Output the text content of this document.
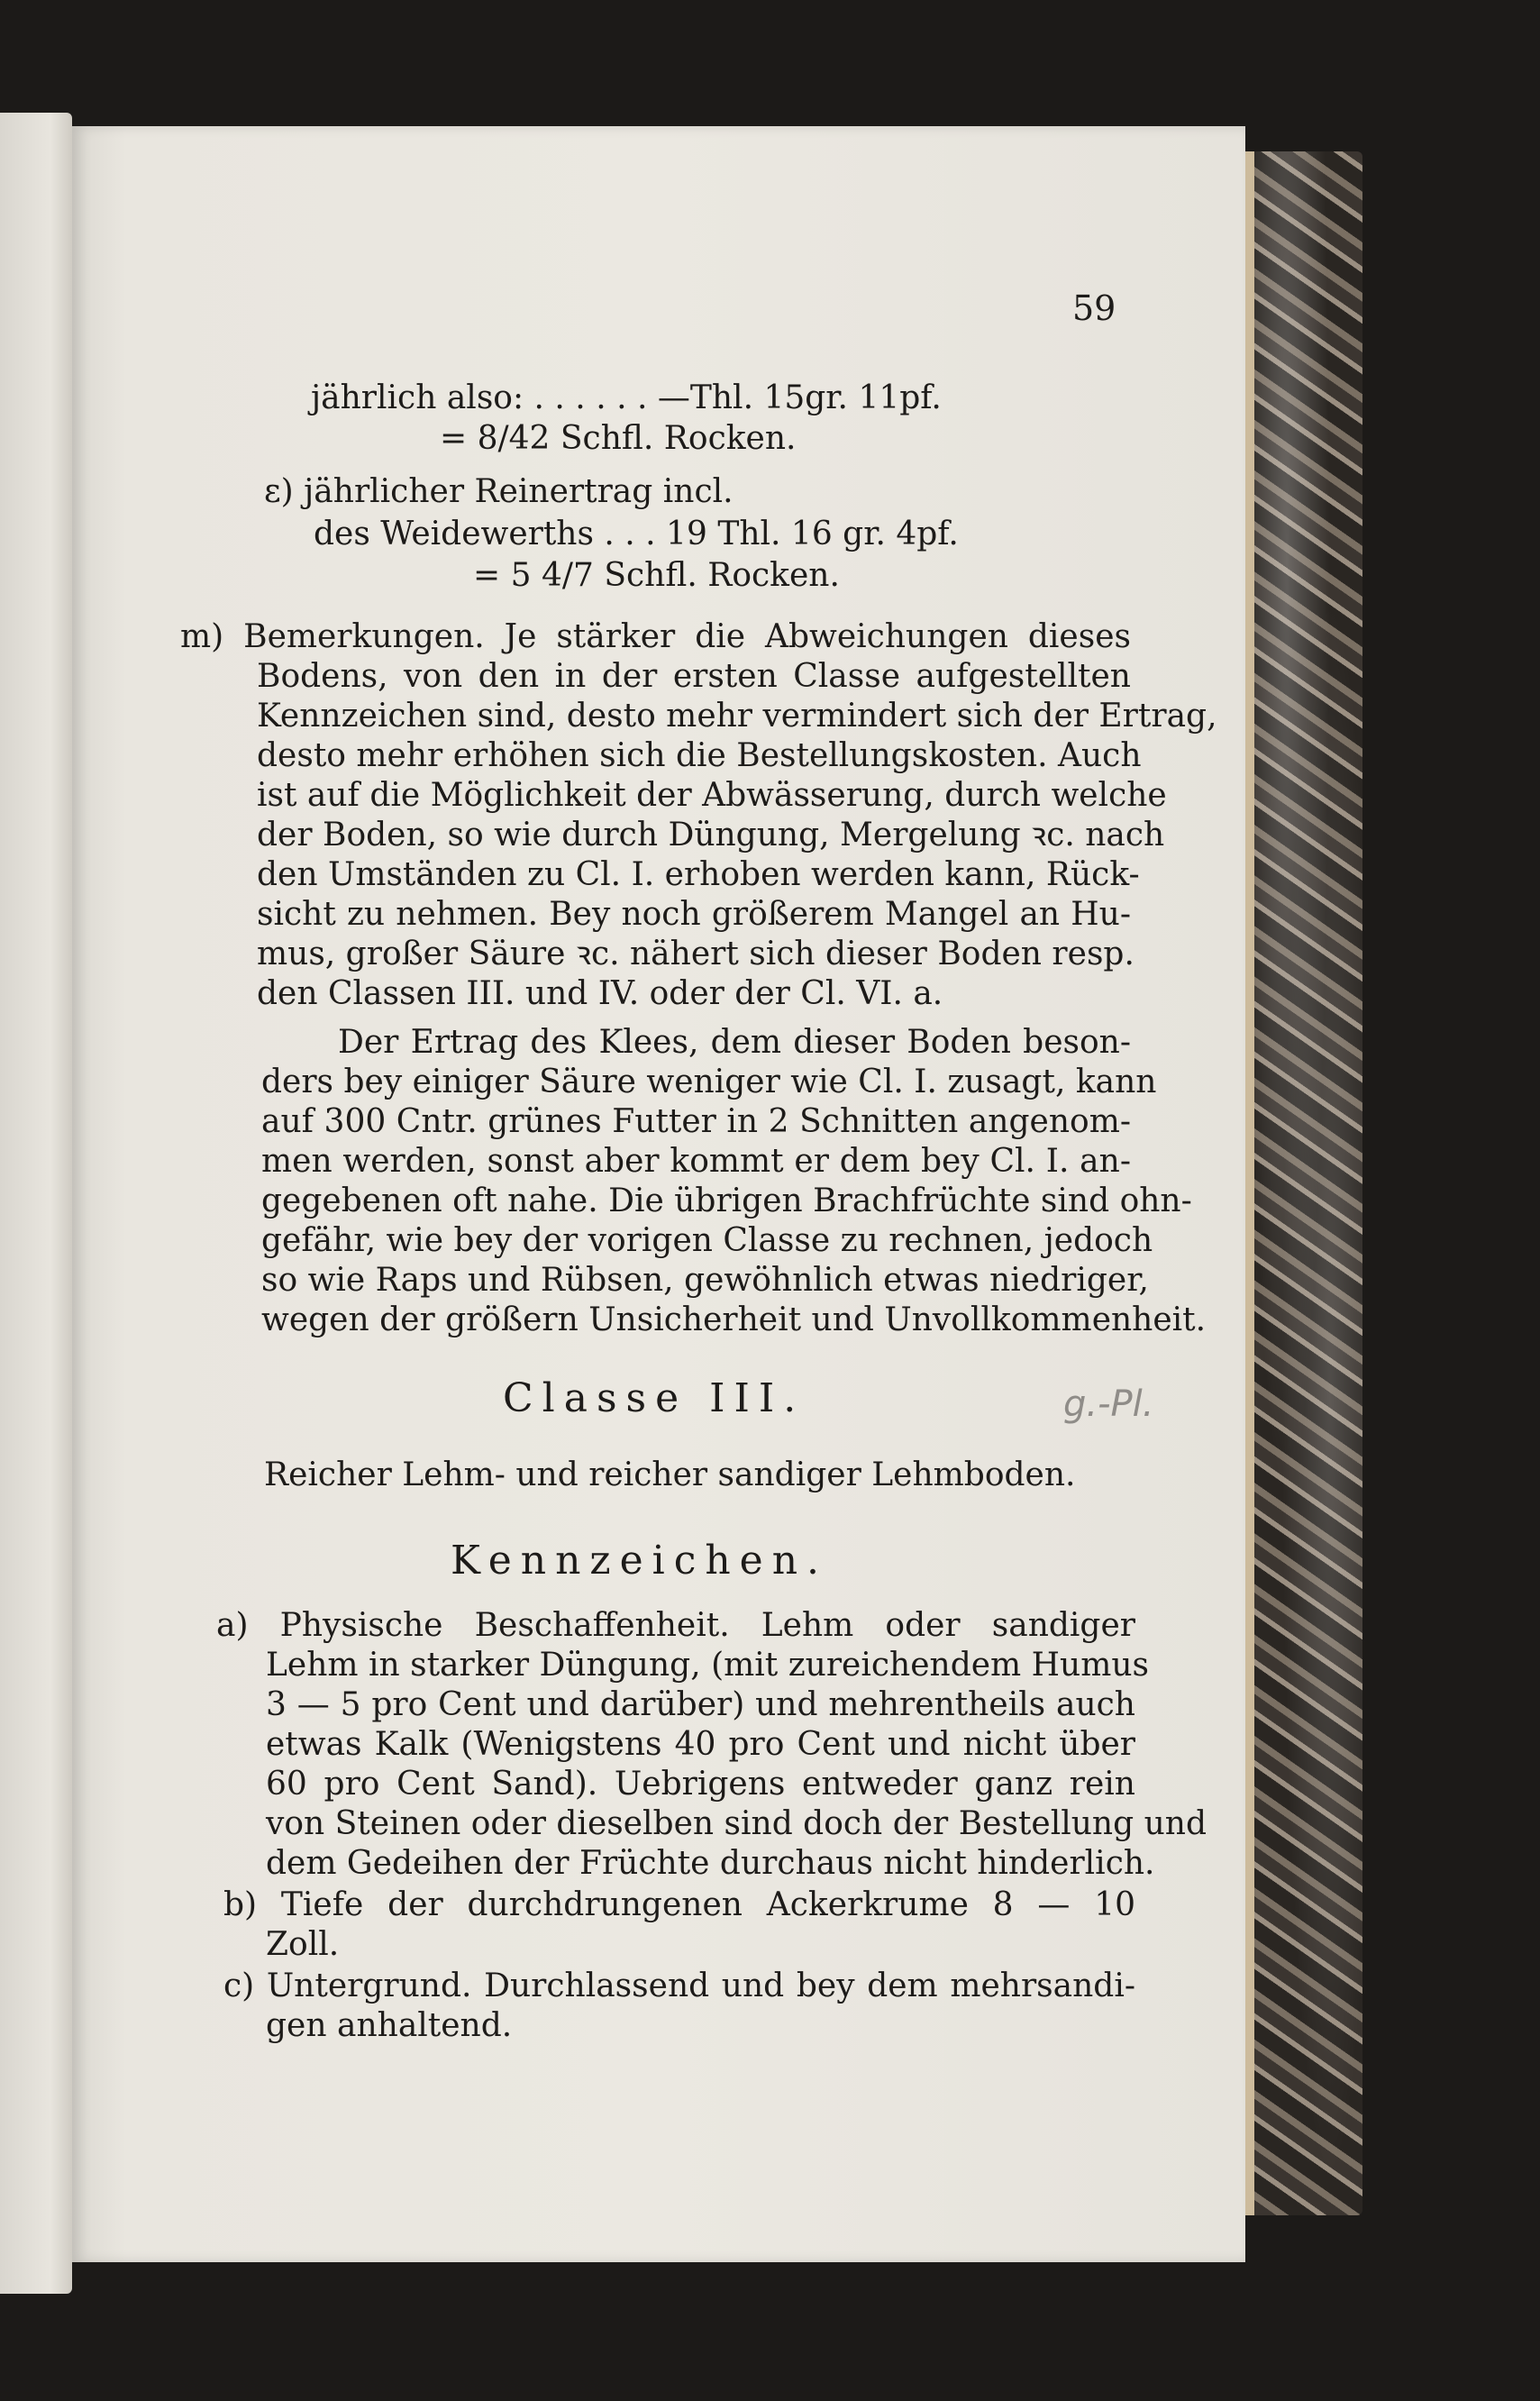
59
jährlich also: . . . . . . —Thl. 15gr. 11pf.
= 8/42 Schfl. Rocken.
ε) jährlicher Reinertrag incl.
des Weidewerths . . . 19 Thl. 16 gr. 4pf.
= 5 4/7 Schfl. Rocken.
m) Bemerkungen. Je stärker die Abweichungen dieses
Bodens, von den in der ersten Classe aufgestellten
Kennzeichen sind, desto mehr vermindert sich der Ertrag,
desto mehr erhöhen sich die Bestellungskosten. Auch
ist auf die Möglichkeit der Abwässerung, durch welche
der Boden, so wie durch Düngung, Mergelung ꝛc. nach
den Umständen zu Cl. I. erhoben werden kann, Rück-
sicht zu nehmen. Bey noch größerem Mangel an Hu-
mus, großer Säure ꝛc. nähert sich dieser Boden resp.
den Classen III. und IV. oder der Cl. VI. a.
Der Ertrag des Klees, dem dieser Boden beson-
ders bey einiger Säure weniger wie Cl. I. zusagt, kann
auf 300 Cntr. grünes Futter in 2 Schnitten angenom-
men werden, sonst aber kommt er dem bey Cl. I. an-
gegebenen oft nahe. Die übrigen Brachfrüchte sind ohn-
gefähr, wie bey der vorigen Classe zu rechnen, jedoch
so wie Raps und Rübsen, gewöhnlich etwas niedriger,
wegen der größern Unsicherheit und Unvollkommenheit.
Classe III.	g.-Pl.
Reicher Lehm- und reicher sandiger Lehmboden.
Kennzeichen.
a) Physische Beschaffenheit. Lehm oder sandiger
Lehm in starker Düngung, (mit zureichendem Humus
3 — 5 pro Cent und darüber) und mehrentheils auch
etwas Kalk (Wenigstens 40 pro Cent und nicht über
60 pro Cent Sand). Uebrigens entweder ganz rein
von Steinen oder dieselben sind doch der Bestellung und
dem Gedeihen der Früchte durchaus nicht hinderlich.
b) Tiefe der durchdrungenen Ackerkrume 8 — 10
Zoll.
c) Untergrund. Durchlassend und bey dem mehrsandi-
gen anhaltend.
